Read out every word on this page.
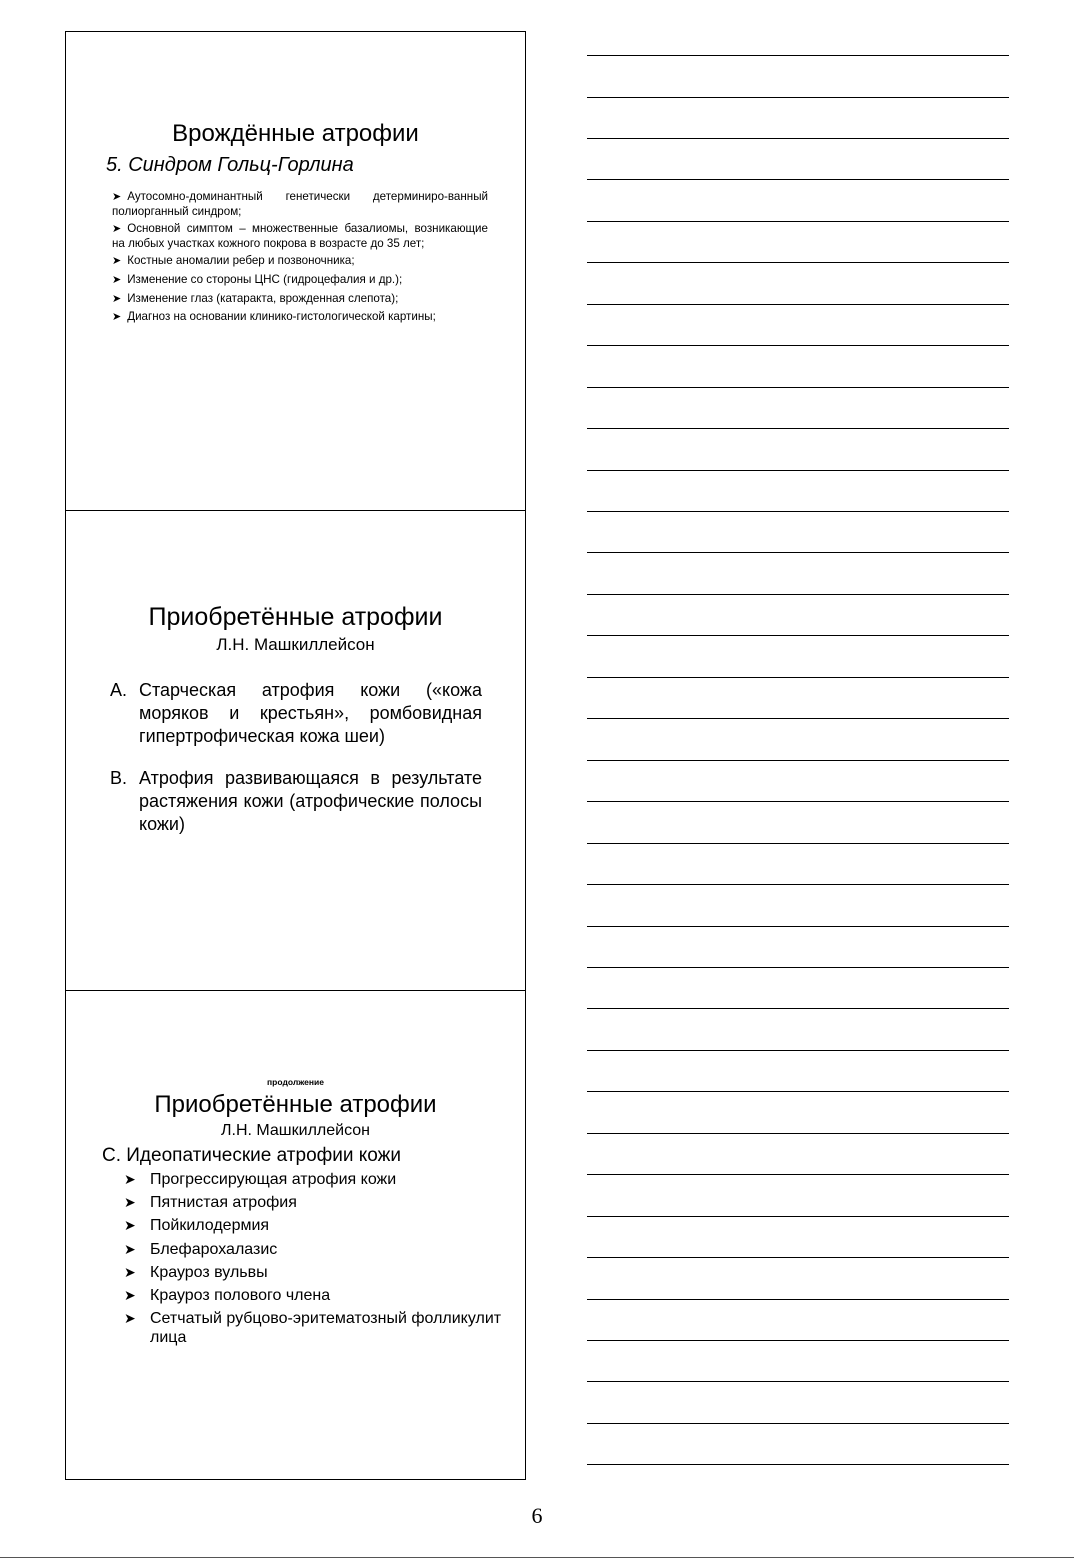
Врождённые атрофии
5. Синдром Гольц-Горлина
➤ Аутосомно-доминантный генетически детерминиро-ванный полиорганный синдром;
➤ Основной симптом – множественные базалиомы, возникающие на любых участках кожного покрова в возрасте до 35 лет;
➤ Костные аномалии ребер и позвоночника;
➤ Изменение со стороны ЦНС (гидроцефалия и др.);
➤ Изменение глаз (катаракта, врожденная слепота);
➤ Диагноз на основании клинико-гистологической картины;
Приобретённые атрофии
Л.Н. Машкиллейсон
А. Старческая атрофия кожи («кожа моряков и крестьян», ромбовидная гипертрофическая кожа шеи)
В. Атрофия развивающаяся в результате растяжения кожи (атрофические полосы кожи)
продолжение
Приобретённые атрофии
Л.Н. Машкиллейсон
С. Идеопатические атрофии кожи
➤ Прогрессирующая атрофия кожи
➤ Пятнистая атрофия
➤ Пойкилодермия
➤ Блефарохалазис
➤ Крауроз вульвы
➤ Крауроз полового члена
➤ Сетчатый рубцово-эритематозный фолликулит лица
6
